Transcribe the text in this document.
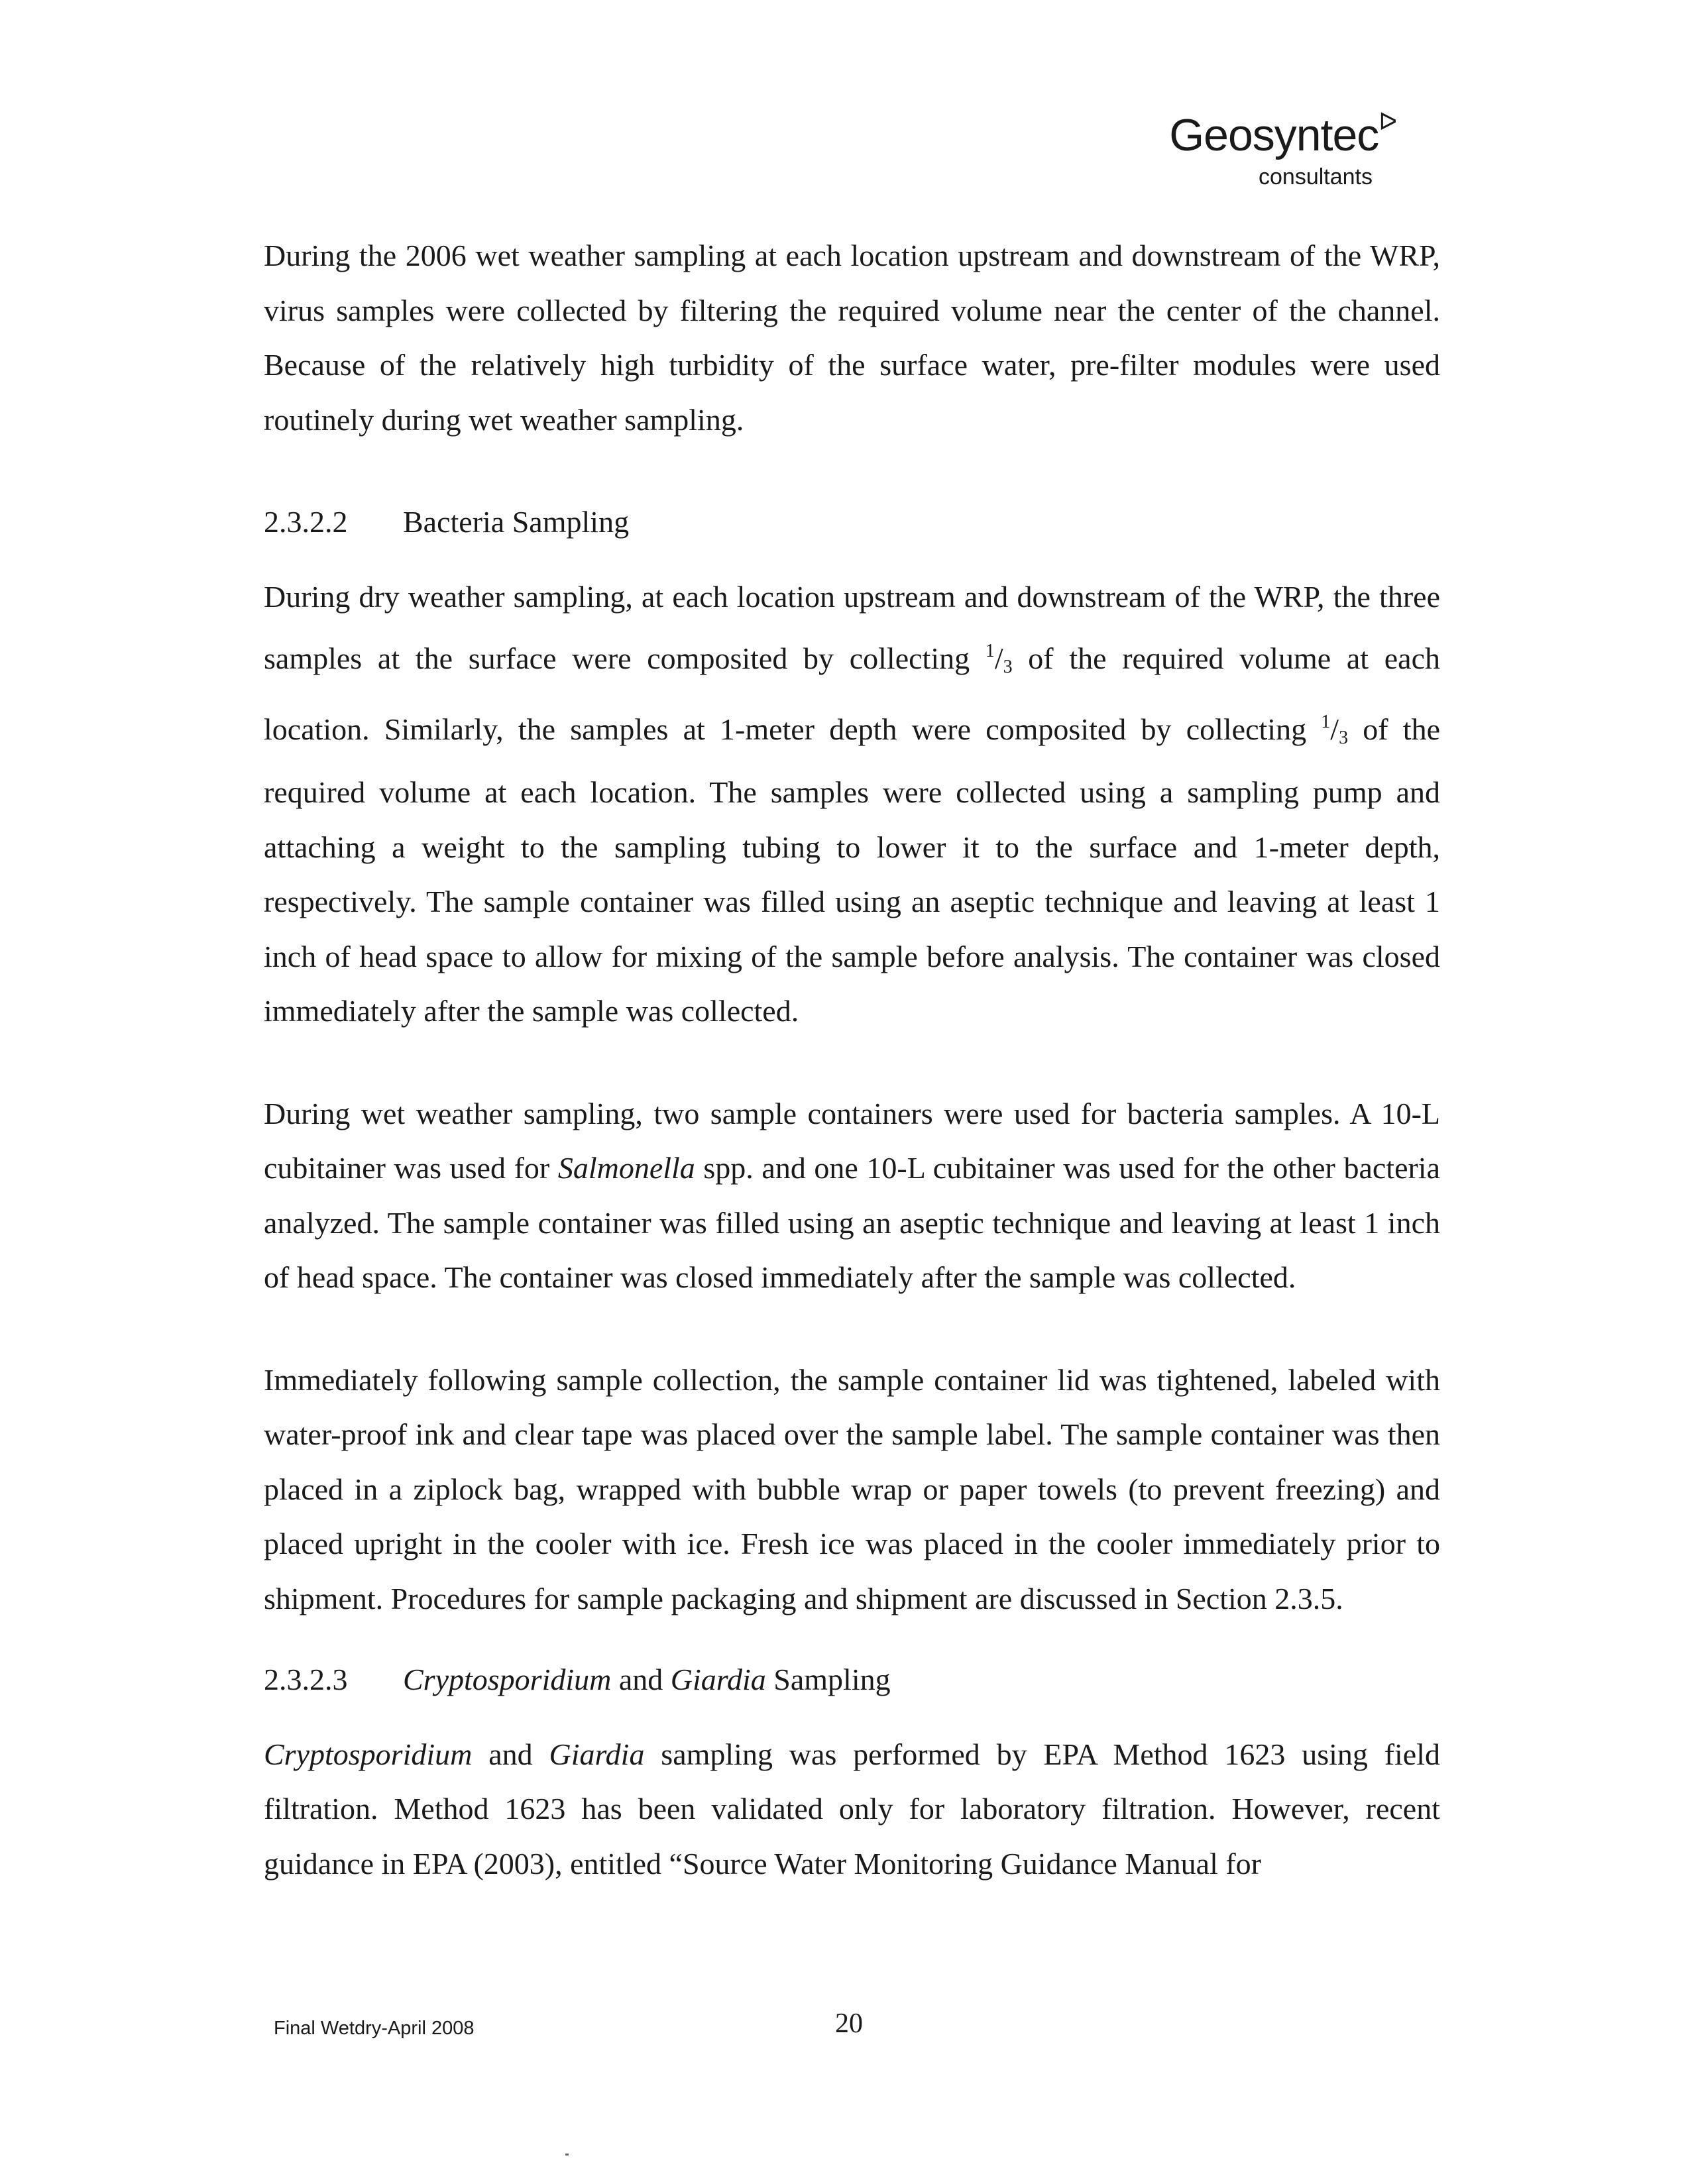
Geosyntec$^ᐅ$
consultants

During the 2006 wet weather sampling at each location upstream and downstream of the WRP, virus samples were collected by filtering the required volume near the center of the channel. Because of the relatively high turbidity of the surface water, pre-filter modules were used routinely during wet weather sampling.

2.3.2.2 Bacteria Sampling

During dry weather sampling, at each location upstream and downstream of the WRP, the three samples at the surface were composited by collecting $^1/_3$ of the required volume at each location. Similarly, the samples at 1-meter depth were composited by collecting $^1/_3$ of the required volume at each location. The samples were collected using a sampling pump and attaching a weight to the sampling tubing to lower it to the surface and 1-meter depth, respectively. The sample container was filled using an aseptic technique and leaving at least 1 inch of head space to allow for mixing of the sample before analysis. The container was closed immediately after the sample was collected.

During wet weather sampling, two sample containers were used for bacteria samples. A 10-L cubitainer was used for Salmonella spp. and one 10-L cubitainer was used for the other bacteria analyzed. The sample container was filled using an aseptic technique and leaving at least 1 inch of head space. The container was closed immediately after the sample was collected.

Immediately following sample collection, the sample container lid was tightened, labeled with water-proof ink and clear tape was placed over the sample label. The sample container was then placed in a ziplock bag, wrapped with bubble wrap or paper towels (to prevent freezing) and placed upright in the cooler with ice. Fresh ice was placed in the cooler immediately prior to shipment. Procedures for sample packaging and shipment are discussed in Section 2.3.5.

2.3.2.3 Cryptosporidium and Giardia Sampling

Cryptosporidium and Giardia sampling was performed by EPA Method 1623 using field filtration. Method 1623 has been validated only for laboratory filtration. However, recent guidance in EPA (2003), entitled “Source Water Monitoring Guidance Manual for

Final Wetdry-April 2008	20
